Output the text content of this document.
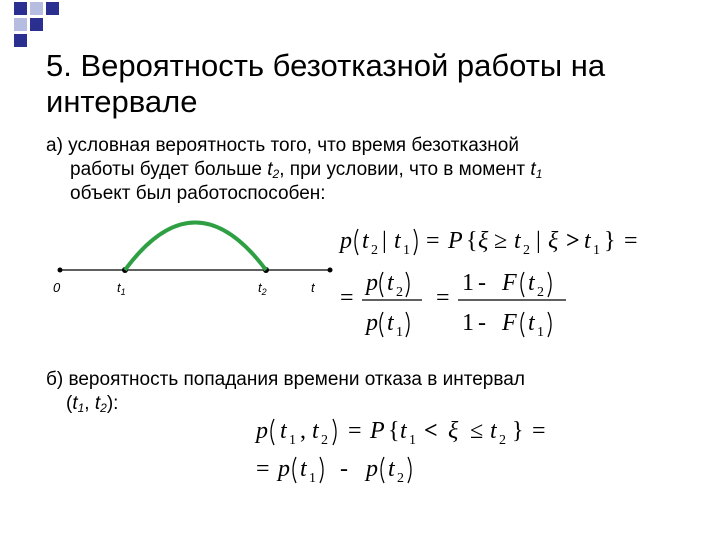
5. Вероятность безотказной работы на интервале
а) условная вероятность того, что время безотказной
работы будет больше $t_2$, при условии, что в момент $t_1$
объект был работоспособен:
0	$t_1$	$t_2$	t
p t 2 | t 1 = P { ξ ≥ t 2 | ξ > t 1 } =
=
p t 2
p t 1
=
1 - F t 2
1 - F t 1
б) вероятность попадания времени отказа в интервал
($t_1$, $t_2$):
p t 1 , t 2 = P { t 1 < ξ ≤ t 2 } =
= p t 1 - p t 2
